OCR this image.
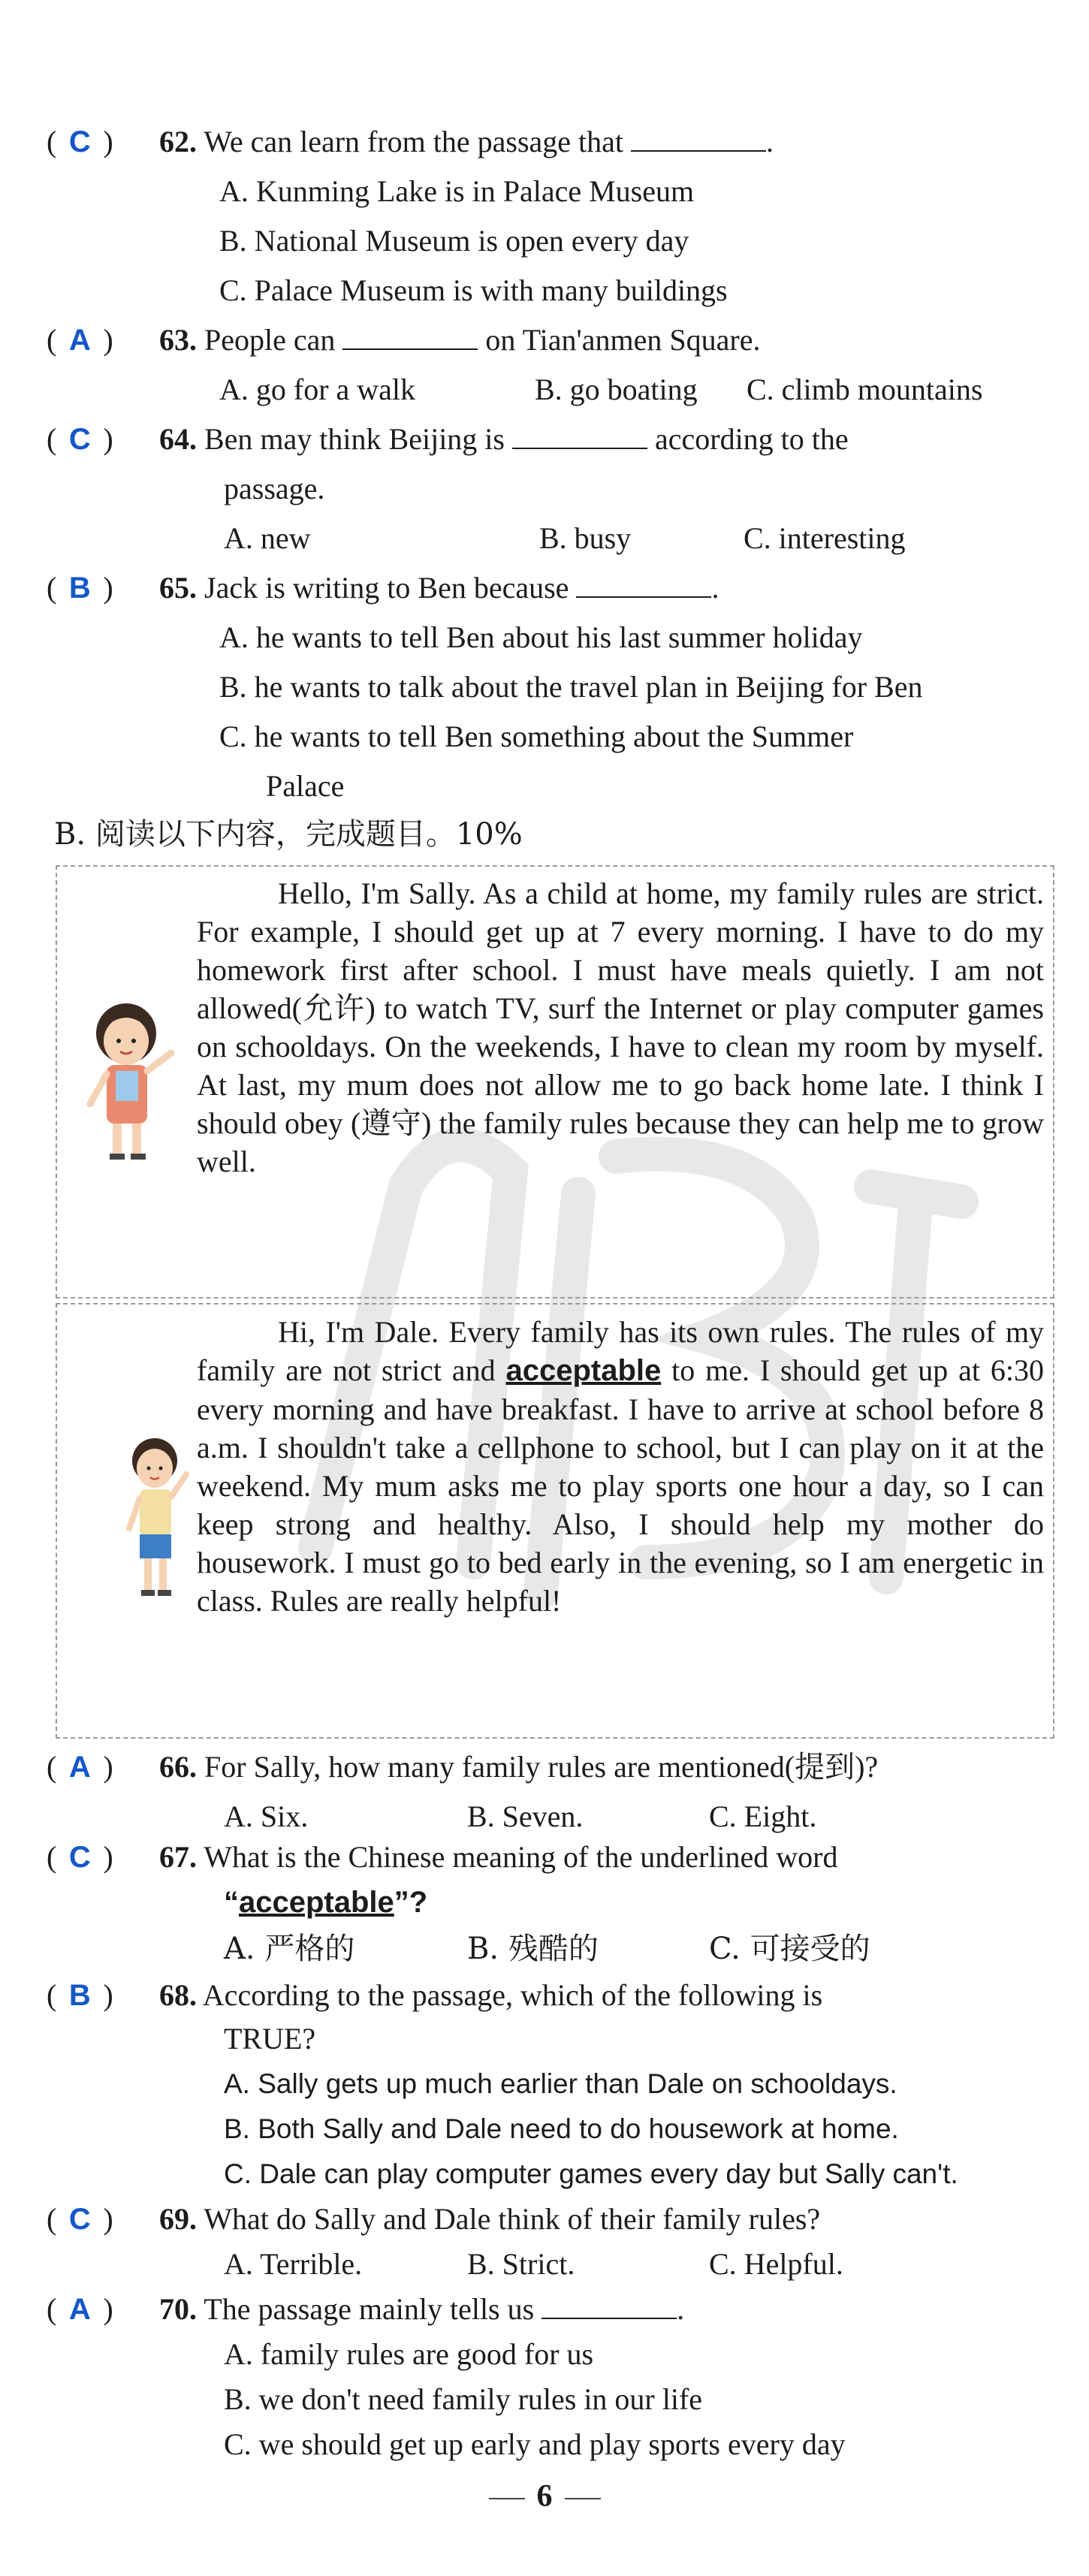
( C ) 62. We can learn from the passage that	.
A. Kunming Lake is in Palace Museum
B. National Museum is open every day
C. Palace Museum is with many buildings
( A ) 63. People can	on Tian'anmen Square.
A. go for a walk	B. go boating C. climb mountains
( C ) 64. Ben may think Beijing is	according to the
passage.
A. new	B. busy	C. interesting
( B ) 65. Jack is writing to Ben because	.
A. he wants to tell Ben about his last summer holiday
B. he wants to talk about the travel plan in Beijing for Ben
C. he wants to tell Ben something about the Summer
Palace
B. 阅读以下内容，完成题目。10%

Hello, I'm Sally. As a child at home, my family rules are strict. For example, I should get up at 7 every morning. I have to do my homework first after school. I must have meals quietly. I am not allowed(允许) to watch TV, surf the Internet or play computer games on schooldays. On the weekends, I have to clean my room by myself. At last, my mum does not allow me to go back home late. I think I should obey (遵守) the family rules because they can help me to grow well.

Hi, I'm Dale. Every family has its own rules. The rules of my family are not strict and acceptable to me. I should get up at 6:30 every morning and have breakfast. I have to arrive at school before 8 a.m. I shouldn't take a cellphone to school, but I can play on it at the weekend. My mum asks me to play sports one hour a day, so I can keep strong and healthy. Also, I should help my mother do housework. I must go to bed early in the evening, so I am energetic in class. Rules are really helpful!

( A ) 66. For Sally, how many family rules are mentioned(提到)?
A. Six.	B. Seven.	C. Eight.
( C ) 67. What is the Chinese meaning of the underlined word
“acceptable”?
A. 严格的	B. 残酷的	C. 可接受的
( B ) 68. According to the passage, which of the following is
TRUE?
A. Sally gets up much earlier than Dale on schooldays.
B. Both Sally and Dale need to do housework at home.
C. Dale can play computer games every day but Sally can't.
( C ) 69. What do Sally and Dale think of their family rules?
A. Terrible.	B. Strict.	C. Helpful.
( A ) 70. The passage mainly tells us	.
A. family rules are good for us
B. we don't need family rules in our life
C. we should get up early and play sports every day
6
